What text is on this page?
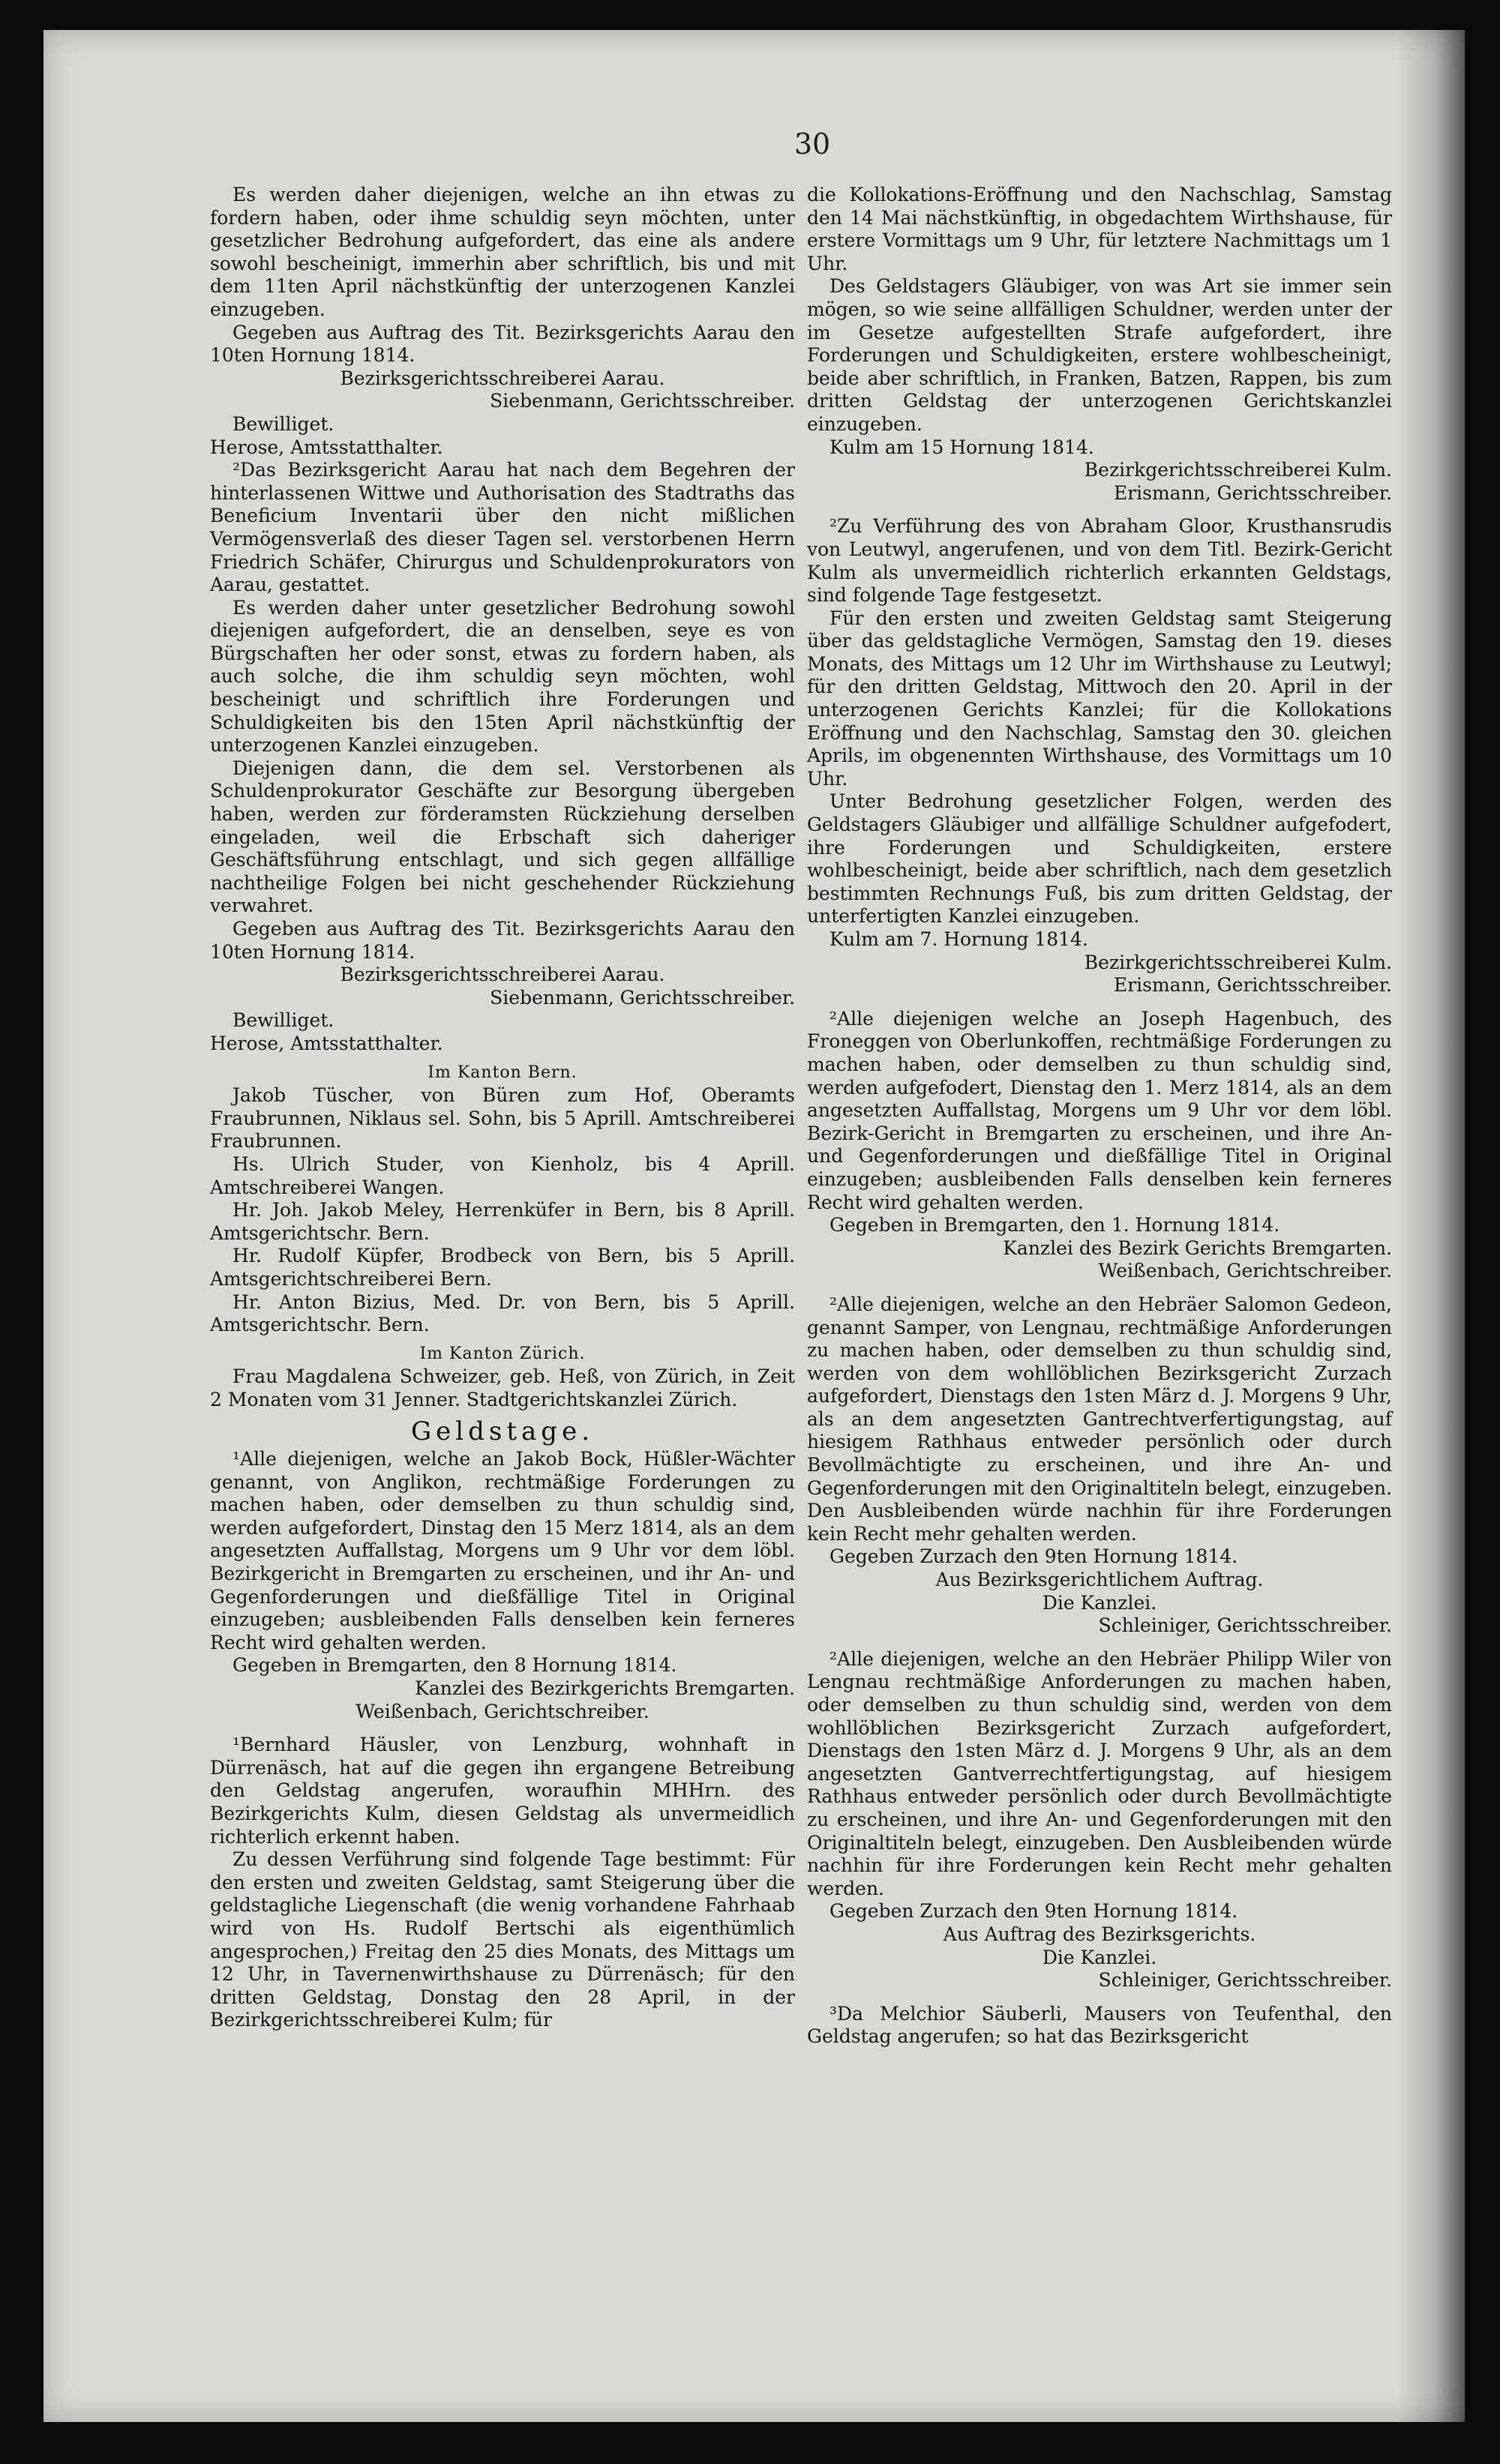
30

Es werden daher diejenigen, welche an ihn etwas zu fordern haben, oder ihme schuldig seyn möchten, unter gesetzlicher Bedrohung aufgefordert, das eine als andere sowohl bescheinigt, immerhin aber schriftlich, bis und mit dem 11ten April nächstkünftig der unterzogenen Kanzlei einzugeben.

Gegeben aus Auftrag des Tit. Bezirksgerichts Aarau den 10ten Hornung 1814.

Bezirksgerichtsschreiberei Aarau.

Siebenmann, Gerichtsschreiber.

Bewilliget.

Herose, Amtsstatthalter.

²Das Bezirksgericht Aarau hat nach dem Begehren der hinterlassenen Wittwe und Authorisation des Stadtraths das Beneficium Inventarii über den nicht mißlichen Vermögensverlaß des dieser Tagen sel. verstorbenen Herrn Friedrich Schäfer, Chirurgus und Schuldenprokurators von Aarau, gestattet.

Es werden daher unter gesetzlicher Bedrohung sowohl diejenigen aufgefordert, die an denselben, seye es von Bürgschaften her oder sonst, etwas zu fordern haben, als auch solche, die ihm schuldig seyn möchten, wohl bescheinigt und schriftlich ihre Forderungen und Schuldigkeiten bis den 15ten April nächstkünftig der unterzogenen Kanzlei einzugeben.

Diejenigen dann, die dem sel. Verstorbenen als Schuldenprokurator Geschäfte zur Besorgung übergeben haben, werden zur förderamsten Rückziehung derselben eingeladen, weil die Erbschaft sich daheriger Geschäftsführung entschlagt, und sich gegen allfällige nachtheilige Folgen bei nicht geschehender Rückziehung verwahret.

Gegeben aus Auftrag des Tit. Bezirksgerichts Aarau den 10ten Hornung 1814.

Bezirksgerichtsschreiberei Aarau.

Siebenmann, Gerichtsschreiber.

Bewilliget.

Herose, Amtsstatthalter.

Im Kanton Bern.

Jakob Tüscher, von Büren zum Hof, Oberamts Fraubrunnen, Niklaus sel. Sohn, bis 5 Aprill. Amtschreiberei Fraubrunnen.

Hs. Ulrich Studer, von Kienholz, bis 4 Aprill. Amtschreiberei Wangen.

Hr. Joh. Jakob Meley, Herrenküfer in Bern, bis 8 Aprill. Amtsgerichtschr. Bern.

Hr. Rudolf Küpfer, Brodbeck von Bern, bis 5 Aprill. Amtsgerichtschreiberei Bern.

Hr. Anton Bizius, Med. Dr. von Bern, bis 5 Aprill. Amtsgerichtschr. Bern.

Im Kanton Zürich.

Frau Magdalena Schweizer, geb. Heß, von Zürich, in Zeit 2 Monaten vom 31 Jenner. Stadtgerichtskanzlei Zürich.

Geldstage.

¹Alle diejenigen, welche an Jakob Bock, Hüßler-Wächter genannt, von Anglikon, rechtmäßige Forderungen zu machen haben, oder demselben zu thun schuldig sind, werden aufgefordert, Dinstag den 15 Merz 1814, als an dem angesetzten Auffallstag, Morgens um 9 Uhr vor dem löbl. Bezirkgericht in Bremgarten zu erscheinen, und ihr An- und Gegenforderungen und dießfällige Titel in Original einzugeben; ausbleibenden Falls denselben kein ferneres Recht wird gehalten werden.

Gegeben in Bremgarten, den 8 Hornung 1814.

Kanzlei des Bezirkgerichts Bremgarten.

Weißenbach, Gerichtschreiber.

¹Bernhard Häusler, von Lenzburg, wohnhaft in Dürrenäsch, hat auf die gegen ihn ergangene Betreibung den Geldstag angerufen, woraufhin MHHrn. des Bezirkgerichts Kulm, diesen Geldstag als unvermeidlich richterlich erkennt haben.

Zu dessen Verführung sind folgende Tage bestimmt: Für den ersten und zweiten Geldstag, samt Steigerung über die geldstagliche Liegenschaft (die wenig vorhandene Fahrhaab wird von Hs. Rudolf Bertschi als eigenthümlich angesprochen,) Freitag den 25 dies Monats, des Mittags um 12 Uhr, in Tavernenwirthshause zu Dürrenäsch; für den dritten Geldstag, Donstag den 28 April, in der Bezirkgerichtsschreiberei Kulm; für

die Kollokations-Eröffnung und den Nachschlag, Samstag den 14 Mai nächstkünftig, in obgedachtem Wirthshause, für erstere Vormittags um 9 Uhr, für letztere Nachmittags um 1 Uhr.

Des Geldstagers Gläubiger, von was Art sie immer sein mögen, so wie seine allfälligen Schuldner, werden unter der im Gesetze aufgestellten Strafe aufgefordert, ihre Forderungen und Schuldigkeiten, erstere wohlbescheinigt, beide aber schriftlich, in Franken, Batzen, Rappen, bis zum dritten Geldstag der unterzogenen Gerichtskanzlei einzugeben.

Kulm am 15 Hornung 1814.

Bezirkgerichtsschreiberei Kulm.

Erismann, Gerichtsschreiber.

²Zu Verführung des von Abraham Gloor, Krusthansrudis von Leutwyl, angerufenen, und von dem Titl. Bezirk-Gericht Kulm als unvermeidlich richterlich erkannten Geldstags, sind folgende Tage festgesetzt.

Für den ersten und zweiten Geldstag samt Steigerung über das geldstagliche Vermögen, Samstag den 19. dieses Monats, des Mittags um 12 Uhr im Wirthshause zu Leutwyl; für den dritten Geldstag, Mittwoch den 20. April in der unterzogenen Gerichts Kanzlei; für die Kollokations Eröffnung und den Nachschlag, Samstag den 30. gleichen Aprils, im obgenennten Wirthshause, des Vormittags um 10 Uhr.

Unter Bedrohung gesetzlicher Folgen, werden des Geldstagers Gläubiger und allfällige Schuldner aufgefodert, ihre Forderungen und Schuldigkeiten, erstere wohlbescheinigt, beide aber schriftlich, nach dem gesetzlich bestimmten Rechnungs Fuß, bis zum dritten Geldstag, der unterfertigten Kanzlei einzugeben.

Kulm am 7. Hornung 1814.

Bezirkgerichtsschreiberei Kulm.

Erismann, Gerichtsschreiber.

²Alle diejenigen welche an Joseph Hagenbuch, des Froneggen von Oberlunkoffen, rechtmäßige Forderungen zu machen haben, oder demselben zu thun schuldig sind, werden aufgefodert, Dienstag den 1. Merz 1814, als an dem angesetzten Auffallstag, Morgens um 9 Uhr vor dem löbl. Bezirk-Gericht in Bremgarten zu erscheinen, und ihre An- und Gegenforderungen und dießfällige Titel in Original einzugeben; ausbleibenden Falls denselben kein ferneres Recht wird gehalten werden.

Gegeben in Bremgarten, den 1. Hornung 1814.

Kanzlei des Bezirk Gerichts Bremgarten.

Weißenbach, Gerichtschreiber.

²Alle diejenigen, welche an den Hebräer Salomon Gedeon, genannt Samper, von Lengnau, rechtmäßige Anforderungen zu machen haben, oder demselben zu thun schuldig sind, werden von dem wohllöblichen Bezirksgericht Zurzach aufgefordert, Dienstags den 1sten März d. J. Morgens 9 Uhr, als an dem angesetzten Gantrechtverfertigungstag, auf hiesigem Rathhaus entweder persönlich oder durch Bevollmächtigte zu erscheinen, und ihre An- und Gegenforderungen mit den Originaltiteln belegt, einzugeben. Den Ausbleibenden würde nachhin für ihre Forderungen kein Recht mehr gehalten werden.

Gegeben Zurzach den 9ten Hornung 1814.

Aus Bezirksgerichtlichem Auftrag.

Die Kanzlei.

Schleiniger, Gerichtsschreiber.

²Alle diejenigen, welche an den Hebräer Philipp Wiler von Lengnau rechtmäßige Anforderungen zu machen haben, oder demselben zu thun schuldig sind, werden von dem wohllöblichen Bezirksgericht Zurzach aufgefordert, Dienstags den 1sten März d. J. Morgens 9 Uhr, als an dem angesetzten Gantverrechtfertigungstag, auf hiesigem Rathhaus entweder persönlich oder durch Bevollmächtigte zu erscheinen, und ihre An- und Gegenforderungen mit den Originaltiteln belegt, einzugeben. Den Ausbleibenden würde nachhin für ihre Forderungen kein Recht mehr gehalten werden.

Gegeben Zurzach den 9ten Hornung 1814.

Aus Auftrag des Bezirksgerichts.

Die Kanzlei.

Schleiniger, Gerichtsschreiber.

³Da Melchior Säuberli, Mausers von Teufenthal, den Geldstag angerufen; so hat das Bezirksgericht
